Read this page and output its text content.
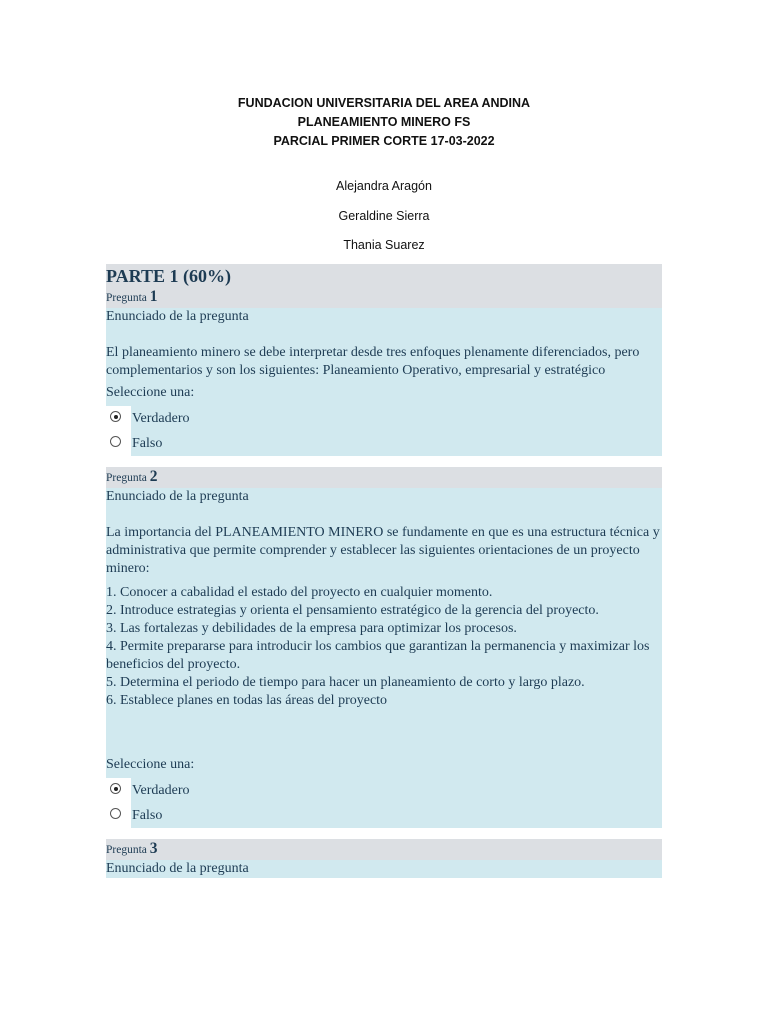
FUNDACION UNIVERSITARIA DEL AREA ANDINA
PLANEAMIENTO MINERO FS
PARCIAL PRIMER CORTE 17-03-2022
Alejandra Aragón
Geraldine Sierra
Thania Suarez
PARTE 1 (60%)
Pregunta 1
Enunciado de la pregunta

El planeamiento minero se debe interpretar desde tres enfoques plenamente diferenciados, pero complementarios y son los siguientes: Planeamiento Operativo, empresarial y estratégico

Seleccione una:
Verdadero
Falso
Pregunta 2
Enunciado de la pregunta

La importancia del PLANEAMIENTO MINERO se fundamente en que es una estructura técnica y administrativa que permite comprender y establecer las siguientes orientaciones de un proyecto minero:

1. Conocer a cabalidad el estado del proyecto en cualquier momento.
2. Introduce estrategias y orienta el pensamiento estratégico de la gerencia del proyecto.
3. Las fortalezas y debilidades de la empresa para optimizar los procesos.
4. Permite prepararse para introducir los cambios que garantizan la permanencia y maximizar los beneficios del proyecto.
5. Determina el periodo de tiempo para hacer un planeamiento de corto y largo plazo.
6. Establece planes en todas las áreas del proyecto
Seleccione una:
Verdadero
Falso
Pregunta 3
Enunciado de la pregunta
